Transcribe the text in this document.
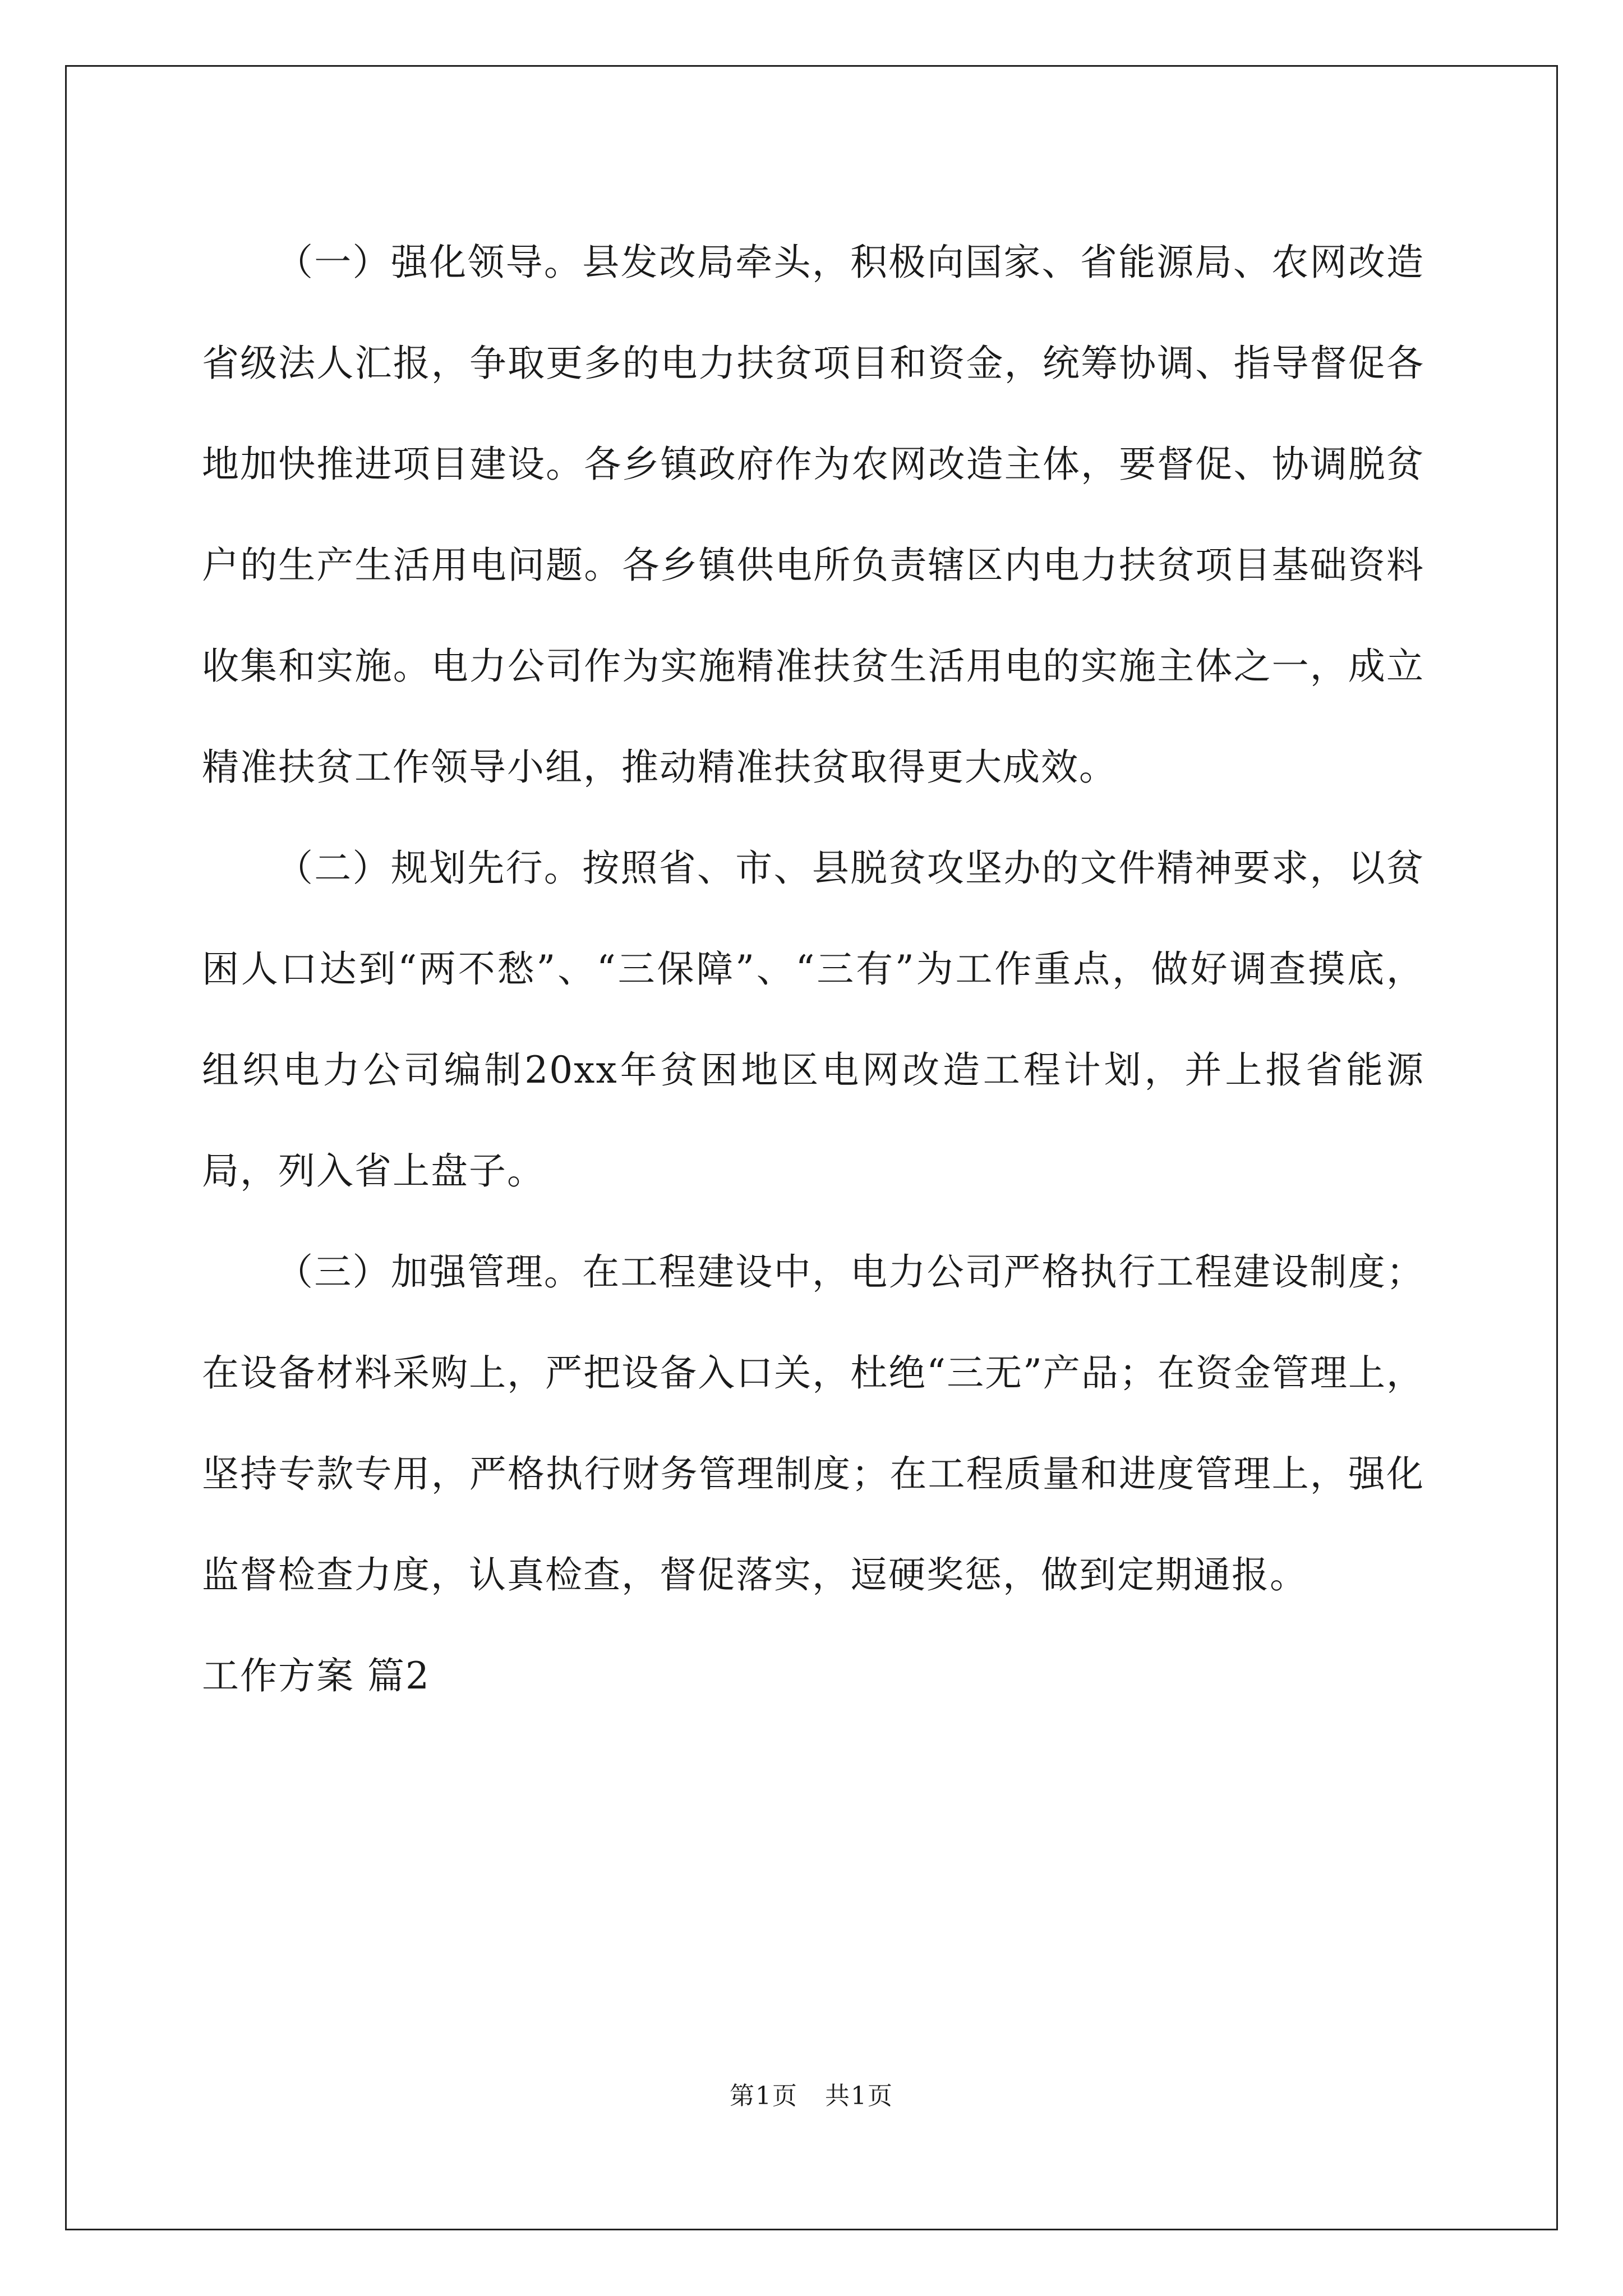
（一）强化领导。县发改局牵头，积极向国家、省能源局、农网改造省级法人汇报，争取更多的电力扶贫项目和资金，统筹协调、指导督促各地加快推进项目建设。各乡镇政府作为农网改造主体，要督促、协调脱贫户的生产生活用电问题。各乡镇供电所负责辖区内电力扶贫项目基础资料收集和实施。电力公司作为实施精准扶贫生活用电的实施主体之一，成立精准扶贫工作领导小组，推动精准扶贫取得更大成效。

（二）规划先行。按照省、市、县脱贫攻坚办的文件精神要求，以贫困人口达到“两不愁”、“三保障”、“三有”为工作重点，做好调查摸底，组织电力公司编制20xx年贫困地区电网改造工程计划，并上报省能源局，列入省上盘子。

（三）加强管理。在工程建设中，电力公司严格执行工程建设制度；在设备材料采购上，严把设备入口关，杜绝“三无”产品；在资金管理上，坚持专款专用，严格执行财务管理制度；在工程质量和进度管理上，强化监督检查力度，认真检查，督促落实，逗硬奖惩，做到定期通报。

工作方案 篇2

第1页 共1页
